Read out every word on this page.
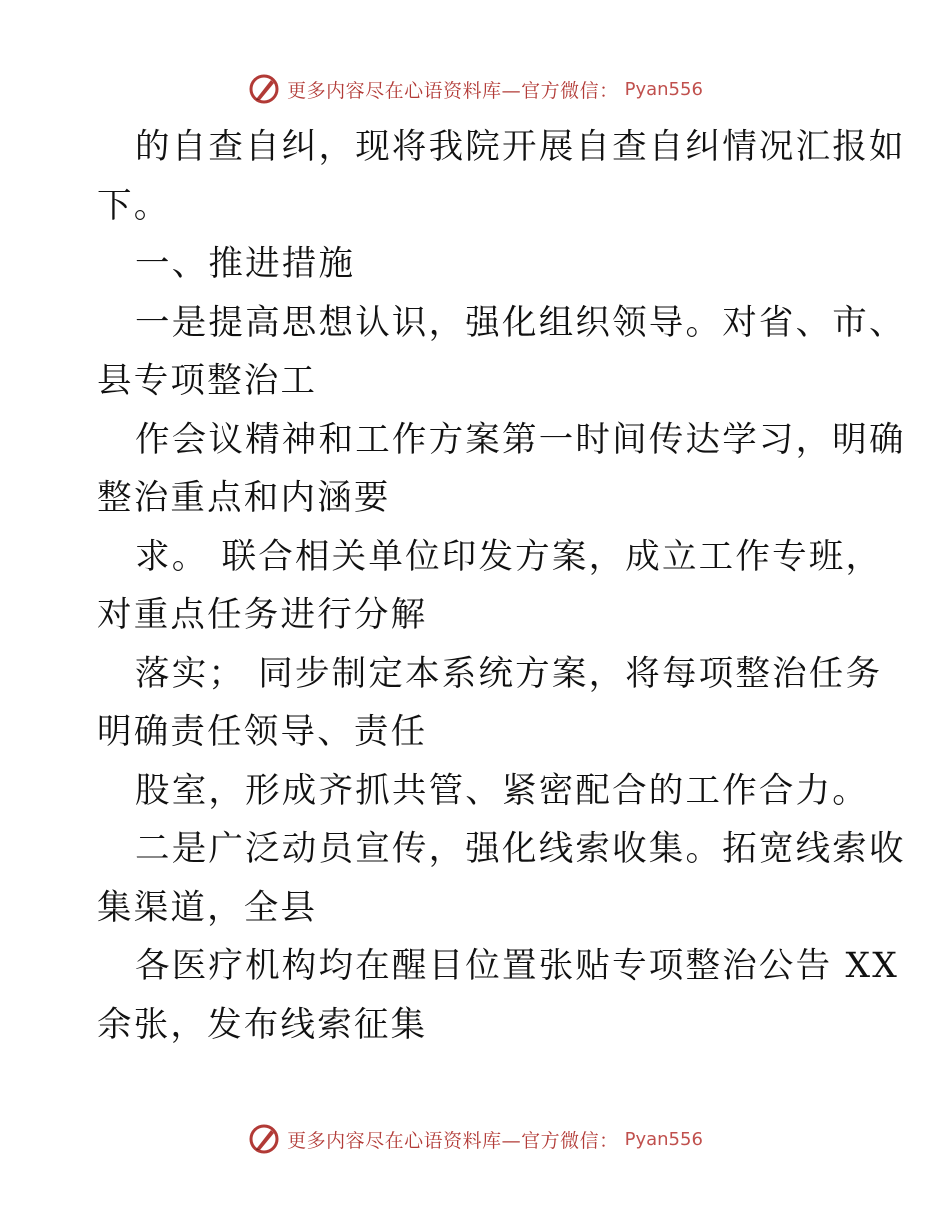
更多内容尽在心语资料库—官方微信： Pyan556
的自查自纠，现将我院开展自查自纠情况汇报如
下。
一、推进措施
一是提高思想认识，强化组织领导。对省、市、
县专项整治工
作会议精神和工作方案第一时间传达学习，明确
整治重点和内涵要
求。 联合相关单位印发方案，成立工作专班，
对重点任务进行分解
落实； 同步制定本系统方案，将每项整治任务
明确责任领导、责任
股室，形成齐抓共管、紧密配合的工作合力。
二是广泛动员宣传，强化线索收集。拓宽线索收
集渠道，全县
各医疗机构均在醒目位置张贴专项整治公告 XX
余张，发布线索征集
更多内容尽在心语资料库—官方微信： Pyan556
